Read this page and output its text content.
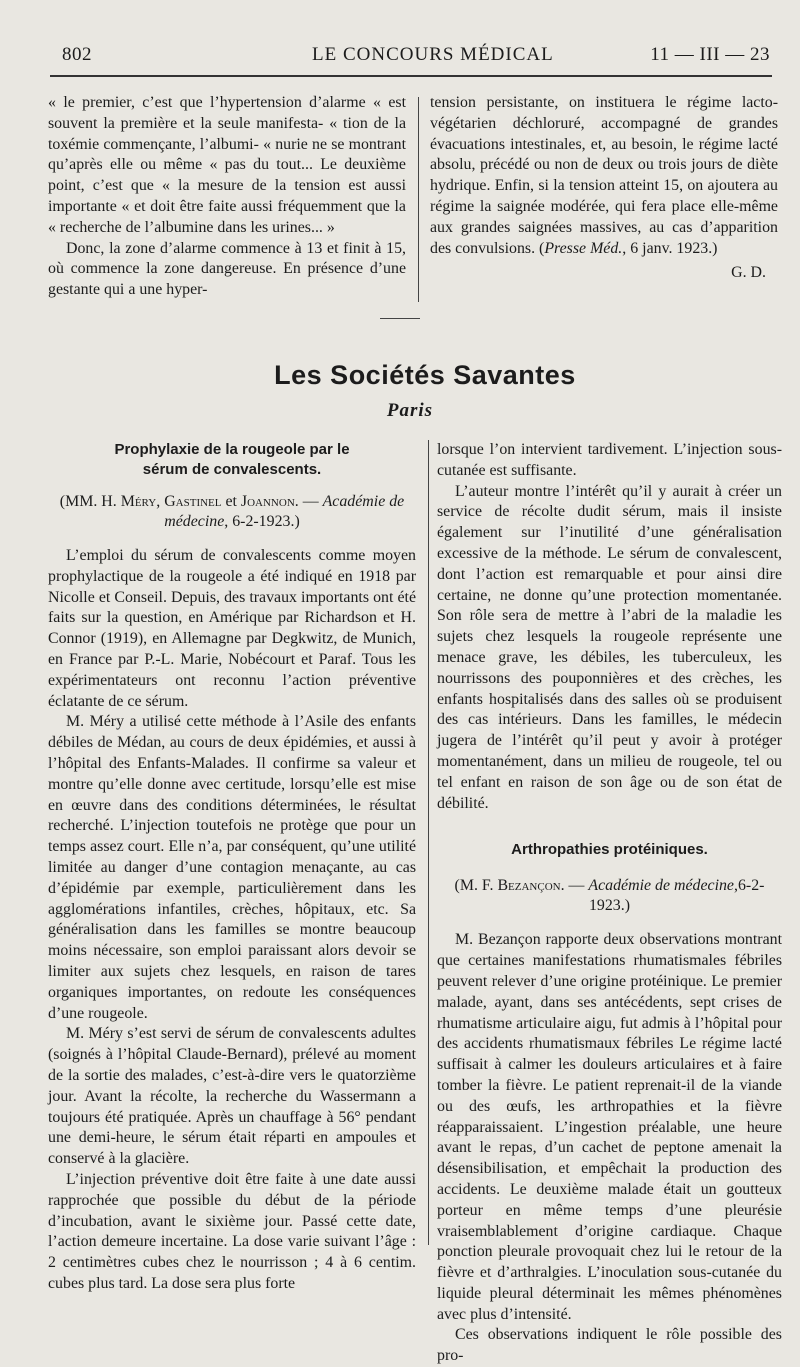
802	LE CONCOURS MÉDICAL	11 — III — 23

« le premier, c’est que l’hypertension d’alarme « est souvent la première et la seule manifesta- « tion de la toxémie commençante, l’albumi- « nurie ne se montrant qu’après elle ou même « pas du tout... Le deuxième point, c’est que « la mesure de la tension est aussi importante « et doit être faite aussi fréquemment que la « recherche de l’albumine dans les urines... »

Donc, la zone d’alarme commence à 13 et finit à 15, où commence la zone dangereuse. En présence d’une gestante qui a une hyper-

tension persistante, on instituera le régime lacto-végétarien déchloruré, accompagné de grandes évacuations intestinales, et, au besoin, le régime lacté absolu, précédé ou non de deux ou trois jours de diète hydrique. Enfin, si la tension atteint 15, on ajoutera au régime la saignée modérée, qui fera place elle-même aux grandes saignées massives, au cas d’apparition des convulsions. (Presse Méd., 6 janv. 1923.)

G. D.

Les Sociétés Savantes
Paris
Prophylaxie de la rougeole par le sérum de convalescents.
(MM. H. Méry, Gastinel et Joannon. — Académie de médecine, 6-2-1923.)

L’emploi du sérum de convalescents comme moyen prophylactique de la rougeole a été indiqué en 1918 par Nicolle et Conseil. Depuis, des travaux importants ont été faits sur la question, en Amérique par Richardson et H. Connor (1919), en Allemagne par Degkwitz, de Munich, en France par P.-L. Marie, Nobécourt et Paraf. Tous les expérimentateurs ont reconnu l’action préventive éclatante de ce sérum.

M. Méry a utilisé cette méthode à l’Asile des enfants débiles de Médan, au cours de deux épidémies, et aussi à l’hôpital des Enfants-Malades. Il confirme sa valeur et montre qu’elle donne avec certitude, lorsqu’elle est mise en œuvre dans des conditions déterminées, le résultat recherché. L’injection toutefois ne protège que pour un temps assez court. Elle n’a, par conséquent, qu’une utilité limitée au danger d’une contagion menaçante, au cas d’épidémie par exemple, particulièrement dans les agglomérations infantiles, crèches, hôpitaux, etc. Sa généralisation dans les familles se montre beaucoup moins nécessaire, son emploi paraissant alors devoir se limiter aux sujets chez lesquels, en raison de tares organiques importantes, on redoute les conséquences d’une rougeole.

M. Méry s’est servi de sérum de convalescents adultes (soignés à l’hôpital Claude-Bernard), prélevé au moment de la sortie des malades, c’est-à-dire vers le quatorzième jour. Avant la récolte, la recherche du Wassermann a toujours été pratiquée. Après un chauffage à 56° pendant une demi-heure, le sérum était réparti en ampoules et conservé à la glacière.

L’injection préventive doit être faite à une date aussi rapprochée que possible du début de la période d’incubation, avant le sixième jour. Passé cette date, l’action demeure incertaine. La dose varie suivant l’âge : 2 centimètres cubes chez le nourrisson ; 4 à 6 centim. cubes plus tard. La dose sera plus forte

lorsque l’on intervient tardivement. L’injection sous-cutanée est suffisante.

L’auteur montre l’intérêt qu’il y aurait à créer un service de récolte dudit sérum, mais il insiste également sur l’inutilité d’une généralisation excessive de la méthode. Le sérum de convalescent, dont l’action est remarquable et pour ainsi dire certaine, ne donne qu’une protection momentanée. Son rôle sera de mettre à l’abri de la maladie les sujets chez lesquels la rougeole représente une menace grave, les débiles, les tuberculeux, les nourrissons des pouponnières et des crèches, les enfants hospitalisés dans des salles où se produisent des cas intérieurs. Dans les familles, le médecin jugera de l’intérêt qu’il peut y avoir à protéger momentanément, dans un milieu de rougeole, tel ou tel enfant en raison de son âge ou de son état de débilité.

Arthropathies protéiniques.
(M. F. Bezançon. — Académie de médecine,6-2-1923.)

M. Bezançon rapporte deux observations montrant que certaines manifestations rhumatismales fébriles peuvent relever d’une origine protéinique. Le premier malade, ayant, dans ses antécédents, sept crises de rhumatisme articulaire aigu, fut admis à l’hôpital pour des accidents rhumatismaux fébriles Le régime lacté suffisait à calmer les douleurs articulaires et à faire tomber la fièvre. Le patient reprenait-il de la viande ou des œufs, les arthropathies et la fièvre réapparaissaient. L’ingestion préalable, une heure avant le repas, d’un cachet de peptone amenait la désensibilisation, et empêchait la production des accidents. Le deuxième malade était un goutteux porteur en même temps d’une pleurésie vraisemblablement d’origine cardiaque. Chaque ponction pleurale provoquait chez lui le retour de la fièvre et d’arthralgies. L’inoculation sous-cutanée du liquide pleural déterminait les mêmes phénomènes avec plus d’intensité.

Ces observations indiquent le rôle possible des pro-
